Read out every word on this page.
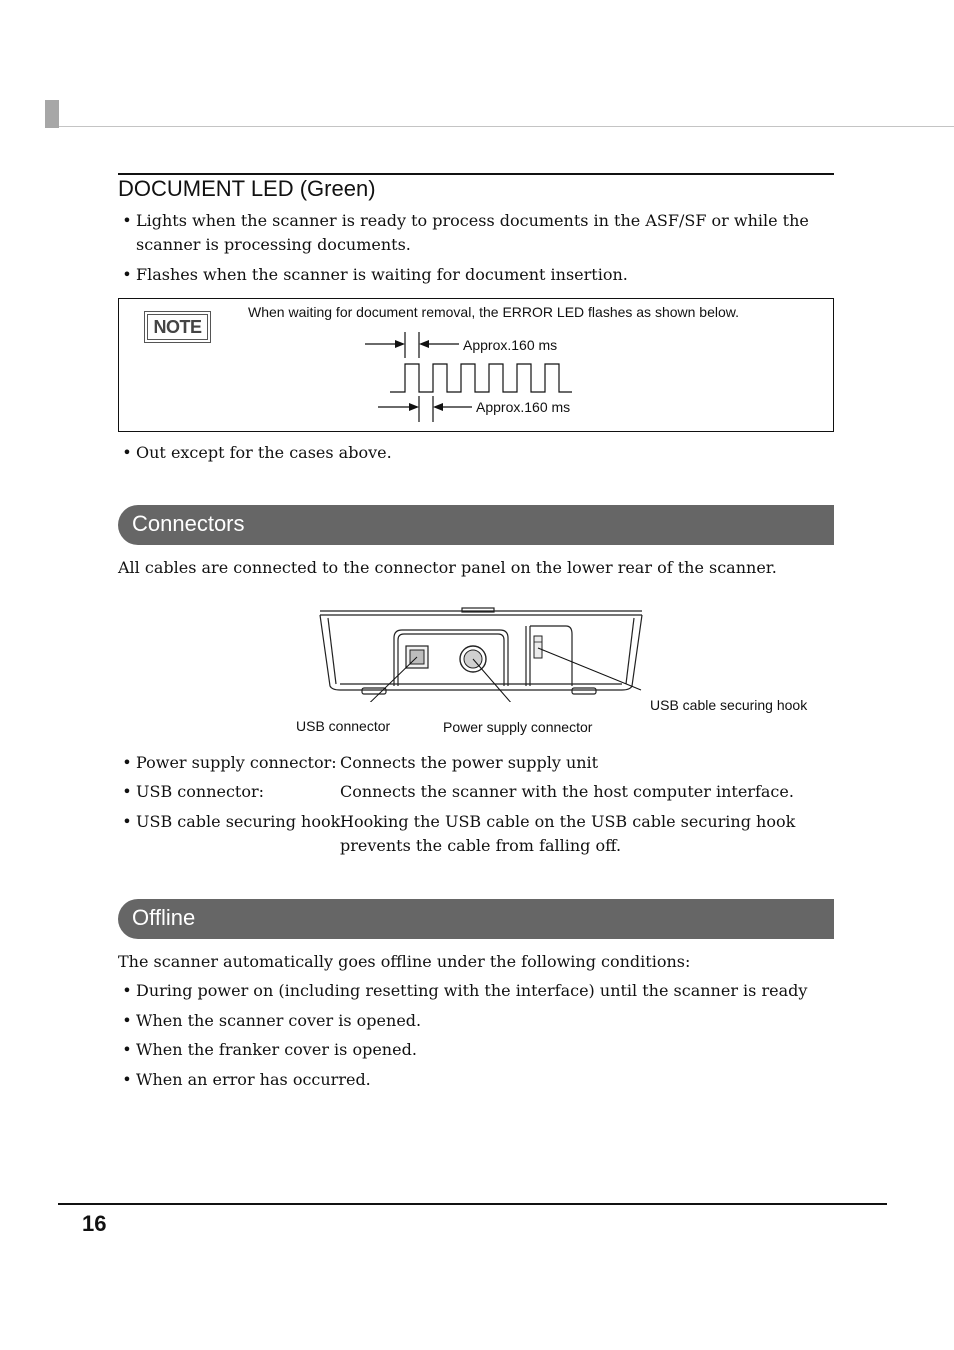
DOCUMENT LED (Green)
• Lights when the scanner is ready to process documents in the ASF/SF or while the scanner is processing documents.
• Flashes when the scanner is waiting for document insertion.
NOTE
When waiting for document removal, the ERROR LED flashes as shown below.
Approx.160 ms
Approx.160 ms
• Out except for the cases above.
Connectors
All cables are connected to the connector panel on the lower rear of the scanner.
USB cable securing hook
USB connector	Power supply connector
• Power supply connector: Connects the power supply unit
• USB connector:	Connects the scanner with the host computer interface.
• USB cable securing hook:
Hooking the USB cable on the USB cable securing hook prevents the cable from falling off.
Offline
The scanner automatically goes offline under the following conditions:
• During power on (including resetting with the interface) until the scanner is ready
• When the scanner cover is opened.
• When the franker cover is opened.
• When an error has occurred.
16
